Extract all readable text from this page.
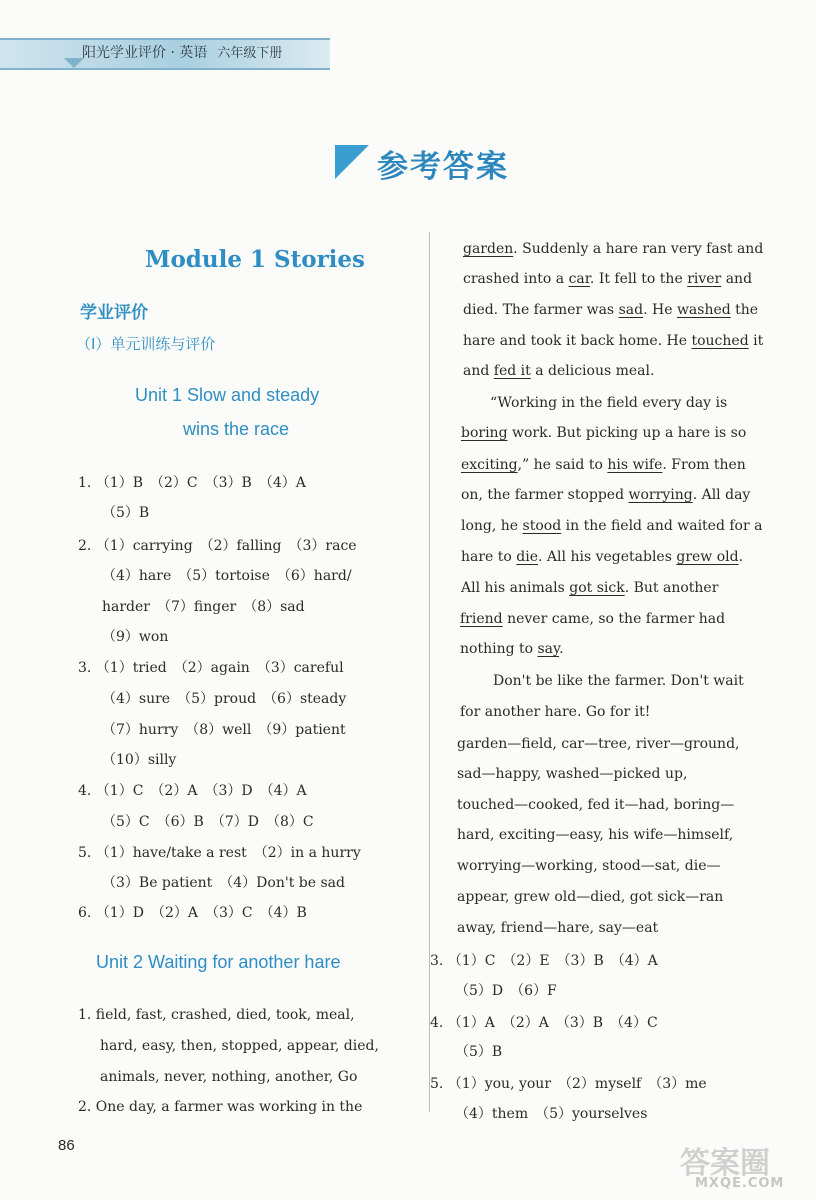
阳光学业评价 · 英语 六年级下册
参考答案
Module 1 Stories
学业评价
（Ⅰ）单元训练与评价
Unit 1 Slow and steady
wins the race
1. （1）B　（2）C　（3）B　（4）A
（5）B
2. （1）carrying　（2）falling　（3）race
（4）hare　（5）tortoise　（6）hard/
harder　（7）finger　（8）sad
（9）won
3. （1）tried　（2）again　（3）careful
（4）sure　（5）proud　（6）steady
（7）hurry　（8）well　（9）patient
（10）silly
4. （1）C　（2）A　（3）D　（4）A
（5）C　（6）B　（7）D　（8）C
5. （1）have/take a rest　（2）in a hurry
（3）Be patient　（4）Don't be sad
6. （1）D　（2）A　（3）C　（4）B
Unit 2 Waiting for another hare
1. field, fast, crashed, died, took, meal,
hard, easy, then, stopped, appear, died,
animals, never, nothing, another, Go
2. One day, a farmer was working in the
garden. Suddenly a hare ran very fast and
crashed into a car. It fell to the river and
died. The farmer was sad. He washed the
hare and took it back home. He touched it
and fed it a delicious meal.
“Working in the field every day is
boring work. But picking up a hare is so
exciting,” he said to his wife. From then
on, the farmer stopped worrying. All day
long, he stood in the field and waited for a
hare to die. All his vegetables grew old.
All his animals got sick. But another
friend never came, so the farmer had
nothing to say.
Don't be like the farmer. Don't wait
for another hare. Go for it!
garden—field, car—tree, river—ground,
sad—happy, washed—picked up,
touched—cooked, fed it—had, boring—
hard, exciting—easy, his wife—himself,
worrying—working, stood—sat, die—
appear, grew old—died, got sick—ran
away, friend—hare, say—eat
3. （1）C　（2）E　（3）B　（4）A
（5）D　（6）F
4. （1）A　（2）A　（3）B　（4）C
（5）B
5. （1）you, your　（2）myself　（3）me
（4）them　（5）yourselves
86
答案圈
MXQE.COM
